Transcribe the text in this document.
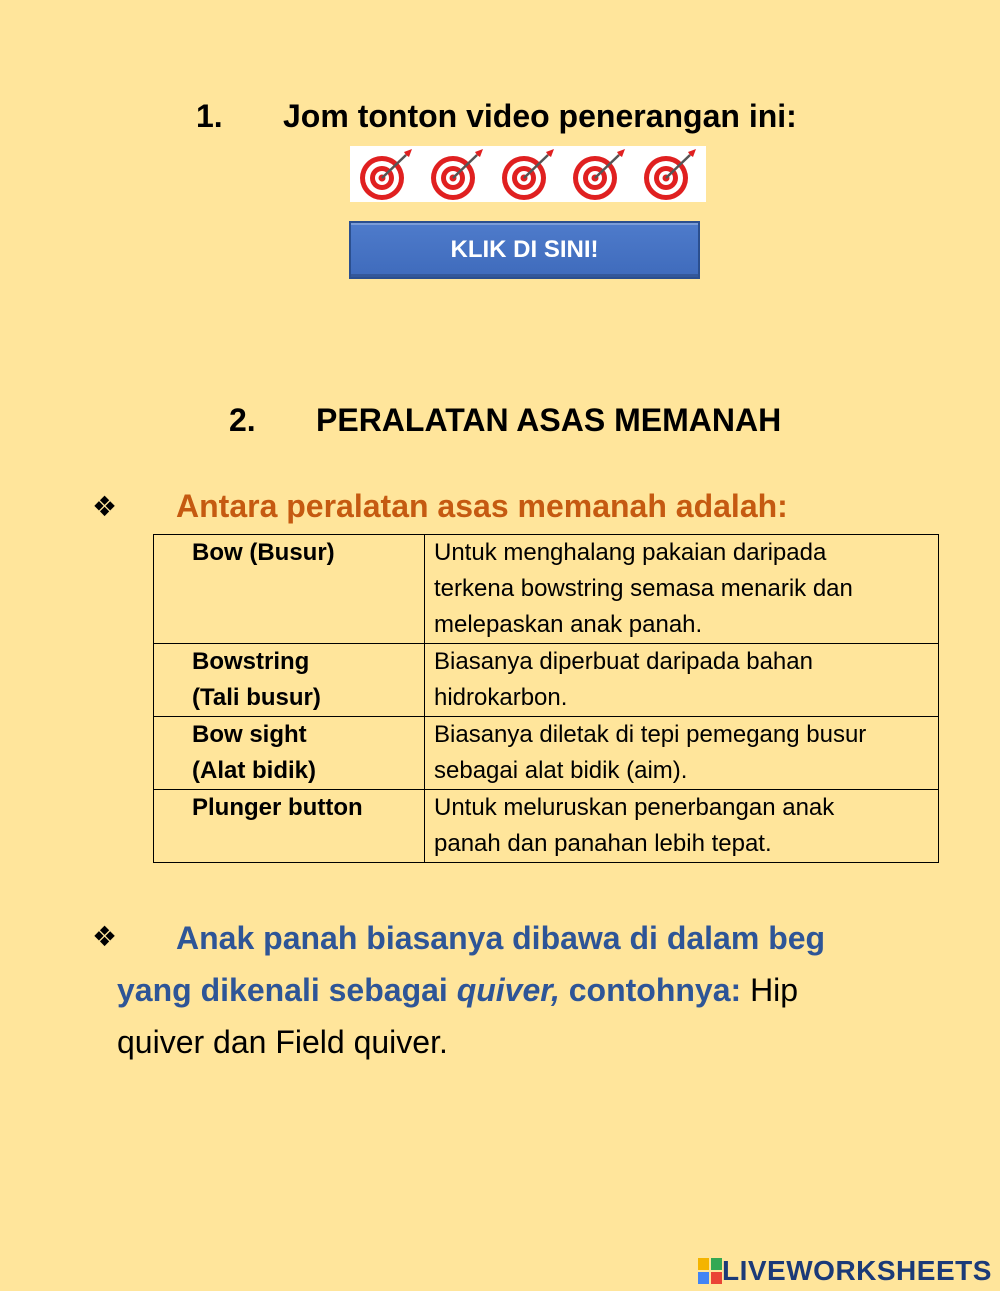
1. Jom tonton video penerangan ini:
KLIK DI SINI!
2. PERALATAN ASAS MEMANAH
❖ Antara peralatan asas memanah adalah:
Bow (Busur)	Untuk menghalang pakaian daripada
terkena bowstring semasa menarik dan
melepaskan anak panah.

Bowstring
(Tali busur)	Biasanya diperbuat daripada bahan
hidrokarbon.

Bow sight
(Alat bidik)	Biasanya diletak di tepi pemegang busur
sebagai alat bidik (aim).

Plunger button	Untuk meluruskan penerbangan anak
panah dan panahan lebih tepat.
❖	Anak panah biasanya dibawa di dalam beg
yang dikenali sebagai quiver, contohnya: Hip
quiver dan Field quiver.
LIVEWORKSHEETS
